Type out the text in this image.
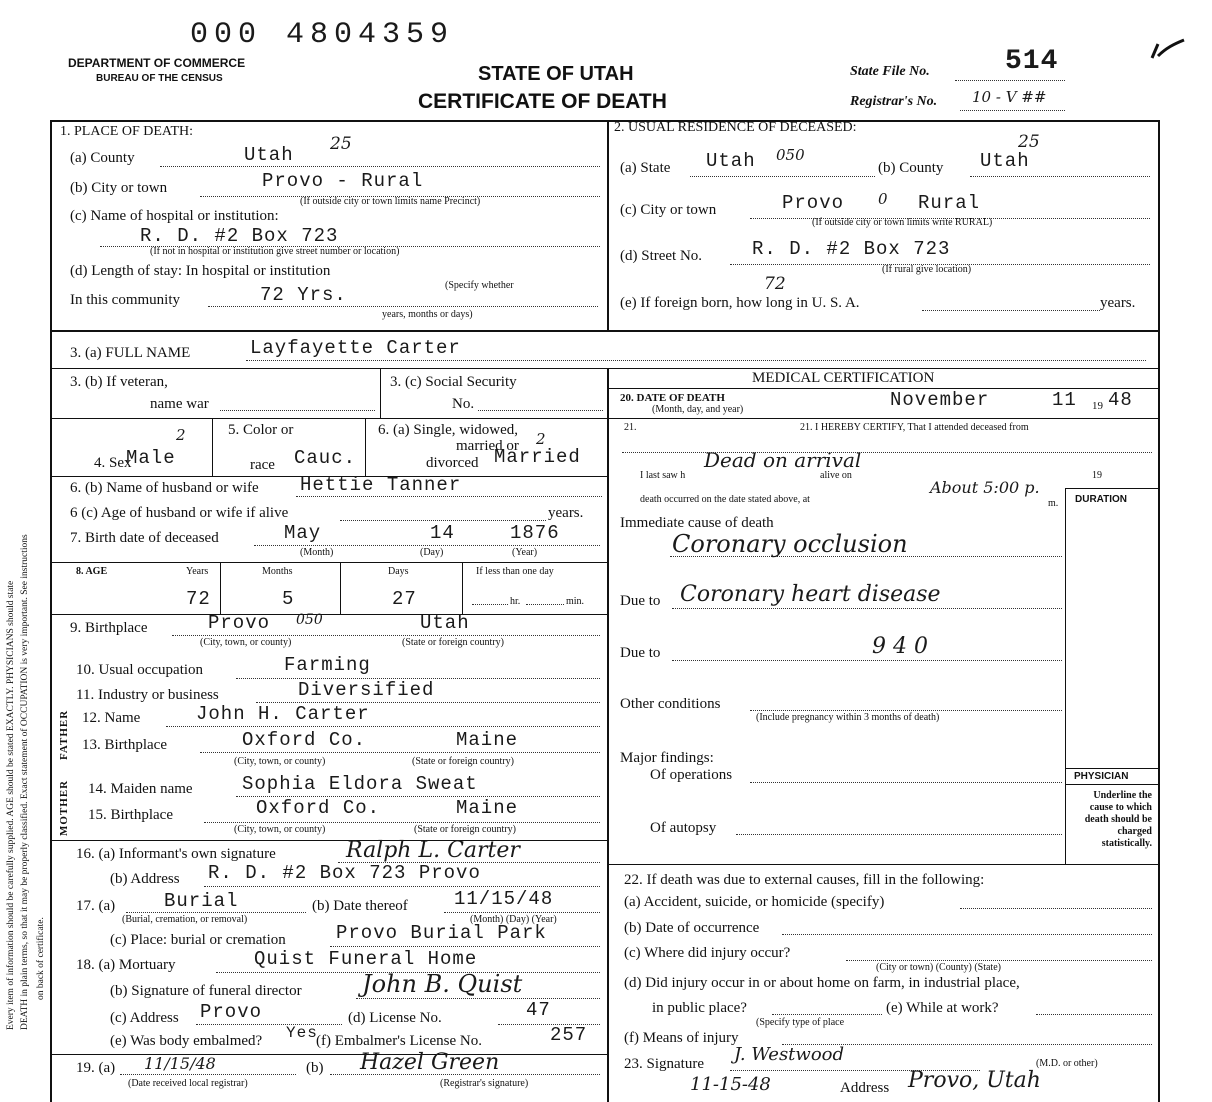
Every item of information should be carefully supplied. AGE should be stated EXACTLY. PHYSICIANS should state DEATH in plain terms, so that it may be properly classified. Exact statement of OCCUPATION is very important. See instructions on back of certificate.
000 4804359
DEPARTMENT OF COMMERCE
BUREAU OF THE CENSUS	STATE OF UTAH
CERTIFICATE OF DEATH
State File No.	514
Registrar's No. 10 - V ##
1. PLACE OF DEATH:
(a) County	Utah 25
(b) City or town	Provo - Rural
(If outside city or town limits name Precinct)
(c) Name of hospital or institution:
R. D. #2 Box 723
(If not in hospital or institution give street number or location)
(d) Length of stay: In hospital or institution
(Specify whether
In this community	72 Yrs.
years, months or days)
2. USUAL RESIDENCE OF DECEASED:
(a) State Utah 050
(b) County Utah
25
(c) City or town	Provo 0 Rural
(If outside city or town limits write RURAL)
(d) Street No.	R. D. #2 Box 723
(If rural give location)
(e) If foreign born, how long in U. S. A.
72
years.
3. (a) FULL NAME	Layfayette Carter
3. (b) If veteran,
name war
3. (c) Social Security
No.
MEDICAL CERTIFICATION
20. DATE OF DEATH
(Month, day, and year)	November	11 19 48
21.	21. I HEREBY CERTIFY, That I attended deceased from
Dead on arrival
I last saw h	alive on	19
death occurred on the date stated above, at
About 5:00 p.
m. DURATION
Immediate cause of death
Coronary occlusion
Due to Coronary heart disease
Due to	9 4 0
Other conditions
(Include pregnancy within 3 months of death)
Major findings:
Of operations
Of autopsy
PHYSICIAN
Underline the cause to which death should be charged statistically.
4. Sex
Male
2	5. Color or
race Cauc.
6. (a) Single, widowed,
married or
divorced Married
2
6. (b) Name of husband or wife Hettie Tanner
6 (c) Age of husband or wife if alive	years.
7. Birth date of deceased	May	14	1876
(Month)	(Day)	(Year)
8. AGE	Years	Months	Days	If less than one day
72	5	27	hr.	min.
9. Birthplace	Provo 050	Utah
(City, town, or county)	(State or foreign country)
10. Usual occupation	Farming
11. Industry or business	Diversified
FATHER
MOTHER
12. Name	John H. Carter
13. Birthplace	Oxford Co.	Maine
(City, town, or county)	(State or foreign country)
14. Maiden name	Sophia Eldora Sweat
15. Birthplace	Oxford Co.	Maine
(City, town, or county)	(State or foreign country)
16. (a) Informant's own signature	Ralph L. Carter
(b) Address R. D. #2 Box 723 Provo
17. (a)	Burial
(Burial, cremation, or removal)
(b) Date thereof 11/15/48
(Month) (Day) (Year)
(c) Place: burial or cremation	Provo Burial Park
18. (a) Mortuary	Quist Funeral Home
(b) Signature of funeral director	John B. Quist
(c) Address Provo	(d) License No.	47
(e) Was body embalmed? Yes
(f) Embalmer's License No.	257
19. (a) 11/15/48
(Date received local registrar)
(b) Hazel Green
(Registrar's signature)
22. If death was due to external causes, fill in the following:
(a) Accident, suicide, or homicide (specify)
(b) Date of occurrence
(c) Where did injury occur?
(City or town) (County) (State)
(d) Did injury occur in or about home on farm, in industrial place,
in public place?	(e) While at work?
(Specify type of place
(f) Means of injury
23. Signature J. Westwood	(M.D. or other)
11-15-48	Address Provo, Utah
